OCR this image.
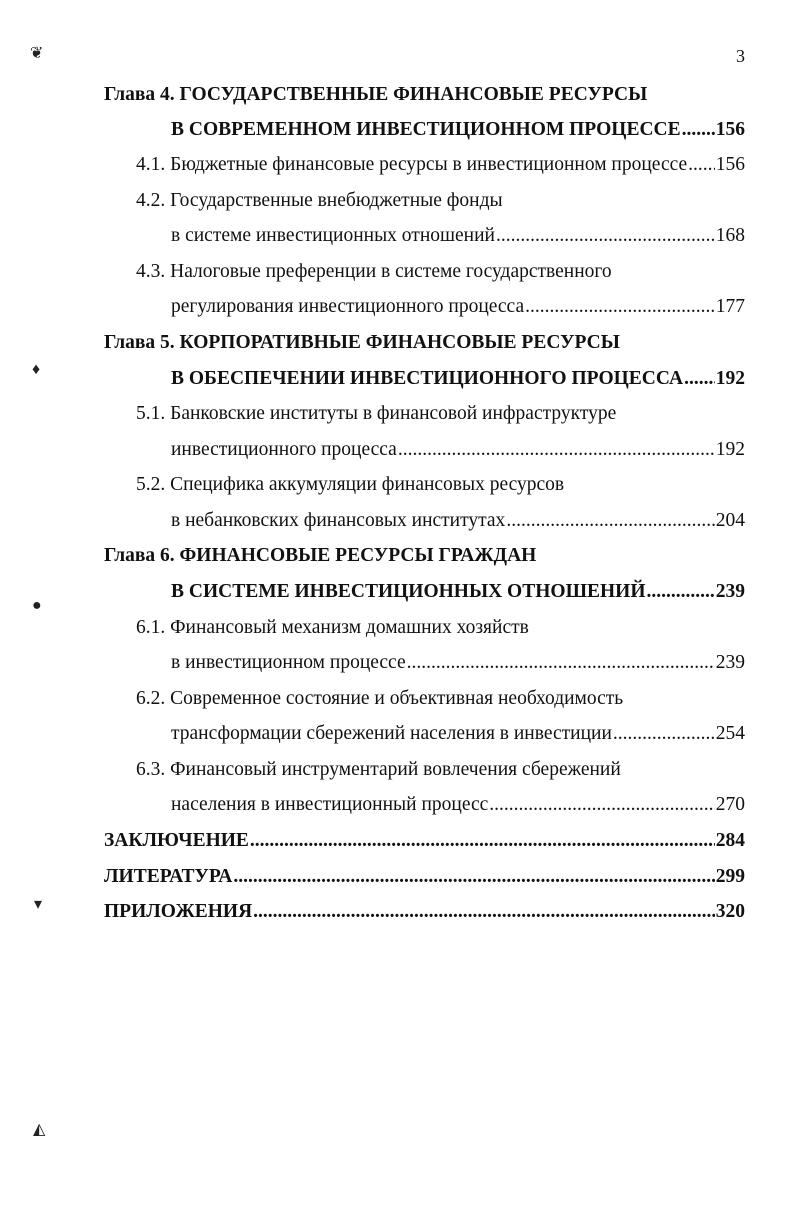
❦
♦
●
▾
◭
3
Глава 4. ГОСУДАРСТВЕННЫЕ ФИНАНСОВЫЕ РЕСУРСЫ
В СОВРЕМЕННОМ ИНВЕСТИЦИОННОМ ПРОЦЕССЕ ..... 156
4.1. Бюджетные финансовые ресурсы в инвестиционном процессе ..... 156
4.2. Государственные внебюджетные фонды
в системе инвестиционных отношений .....	168
4.3. Налоговые преференции в системе государственного
регулирования инвестиционного процесса .....	177
Глава 5. КОРПОРАТИВНЫЕ ФИНАНСОВЫЕ РЕСУРСЫ
В ОБЕСПЕЧЕНИИ ИНВЕСТИЦИОННОГО ПРОЦЕССА ..... 192
5.1. Банковские институты в финансовой инфраструктуре
инвестиционного процесса .....	192
5.2. Специфика аккумуляции финансовых ресурсов
в небанковских финансовых институтах .....	204
Глава 6. ФИНАНСОВЫЕ РЕСУРСЫ ГРАЖДАН
В СИСТЕМЕ ИНВЕСТИЦИОННЫХ ОТНОШЕНИЙ .....	239
6.1. Финансовый механизм домашних хозяйств
в инвестиционном процессе .....	239
6.2. Современное состояние и объективная необходимость
трансформации сбережений населения в инвестиции .....	254
6.3. Финансовый инструментарий вовлечения сбережений
населения в инвестиционный процесс .....	270
ЗАКЛЮЧЕНИЕ .....	284
ЛИТЕРАТУРА .....	299
ПРИЛОЖЕНИЯ .....	320
